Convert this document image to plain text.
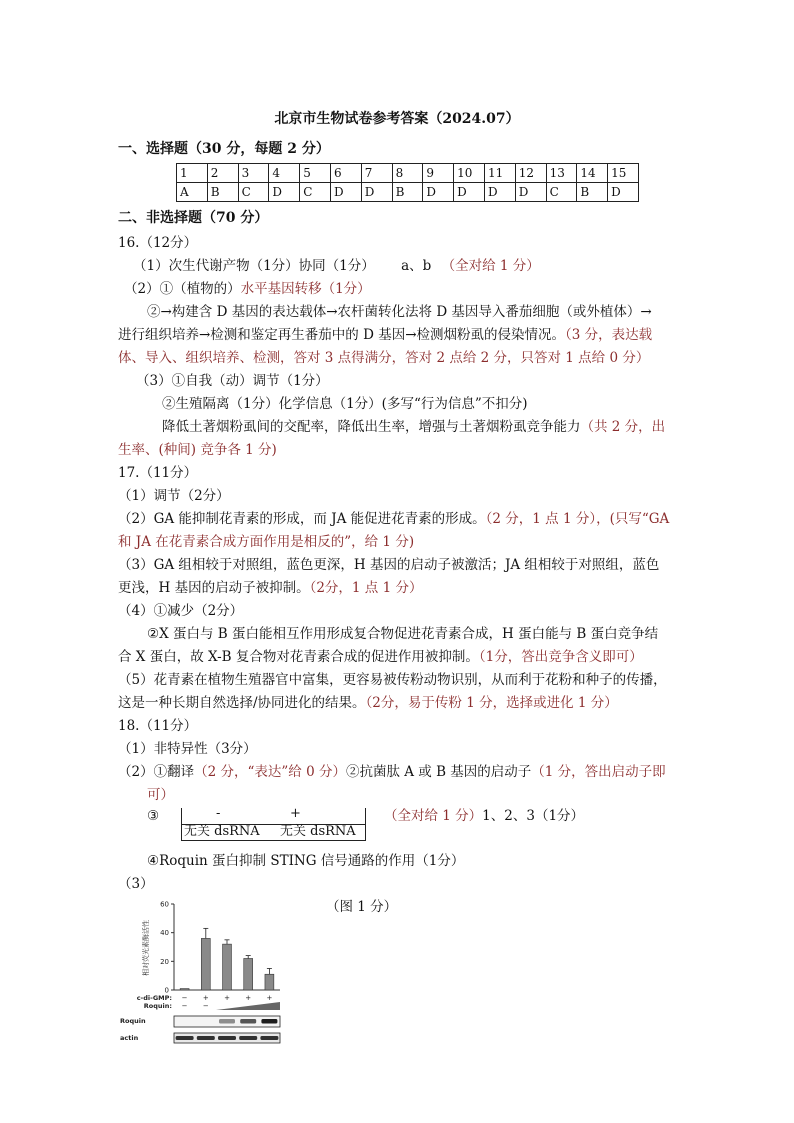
北京市生物试卷参考答案（2024.07）
一、选择题（30 分，每题 2 分）
1	2	3	4	5	6	7	8	9	10	11	12	13	14	15
A	B	C	D	C	D	D	B	D	D	D	D	C	B	D
二、非选择题（70 分）
16.（12分）
（1）次生代谢产物（1分）协同（1分） a、b （全对给 1 分）
（2）①（植物的）水平基因转移（1分）
②→构建含 D 基因的表达载体→农杆菌转化法将 D 基因导入番茄细胞（或外植体）→
进行组织培养→检测和鉴定再生番茄中的 D 基因→检测烟粉虱的侵染情况。（3 分，表达载
体、导入、组织培养、检测，答对 3 点得满分，答对 2 点给 2 分，只答对 1 点给 0 分）
（3）①自我（动）调节（1分）
②生殖隔离（1分）化学信息（1分）(多写“行为信息”不扣分)
降低土著烟粉虱间的交配率，降低出生率，增强与土著烟粉虱竞争能力（共 2 分，出
生率、(种间) 竞争各 1 分)
17.（11分）
（1）调节（2分）
（2）GA 能抑制花青素的形成，而 JA 能促进花青素的形成。（2 分，1 点 1 分），(只写“GA
和 JA 在花青素合成方面作用是相反的”，给 1 分)
（3）GA 组相较于对照组，蓝色更深，H 基因的启动子被激活；JA 组相较于对照组，蓝色
更浅，H 基因的启动子被抑制。（2分，1 点 1 分）
（4）①减少（2分）
②X 蛋白与 B 蛋白能相互作用形成复合物促进花青素合成，H 蛋白能与 B 蛋白竞争结
合 X 蛋白，故 X-B 复合物对花青素合成的促进作用被抑制。（1分，答出竞争含义即可）
（5）花青素在植物生殖器官中富集，更容易被传粉动物识别，从而利于花粉和种子的传播，
这是一种长期自然选择/协同进化的结果。（2分，易于传粉 1 分，选择或进化 1 分）
18.（11分）
（1）非特异性（3分）
（2）①翻译（2 分，“表达”给 0 分）②抗菌肽 A 或 B 基因的启动子（1 分，答出启动子即
可）
③	-	+
无关 dsRNA 无关 dsRNA
（全对给 1 分）1、2、3（1分）
④Roquin 蛋白抑制 STING 信号通路的作用（1分）
（3）
（图 1 分）
0
20
40
60
相对荧光素酶活性
c-di-GMP:
Roquin:
− + + + +
− −
Roquin
actin
